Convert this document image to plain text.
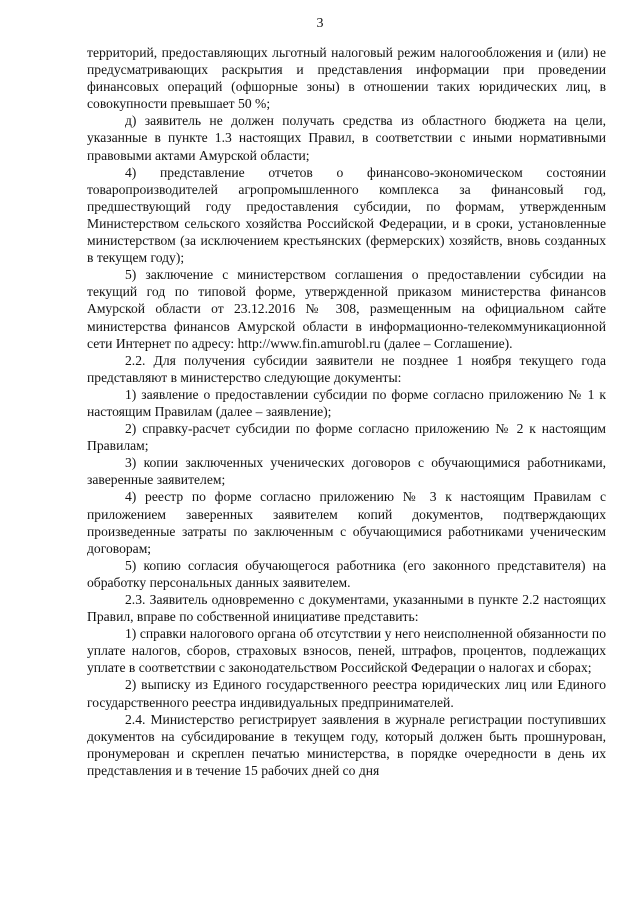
3

территорий, предоставляющих льготный налоговый режим налогообложения и (или) не предусматривающих раскрытия и представления информации при проведении финансовых операций (офшорные зоны) в отношении таких юридических лиц, в совокупности превышает 50 %;

д) заявитель не должен получать средства из областного бюджета на цели, указанные в пункте 1.3 настоящих Правил, в соответствии с иными нормативными правовыми актами Амурской области;

4) представление отчетов о финансово-экономическом состоянии товаропроизводителей агропромышленного комплекса за финансовый год, предшествующий году предоставления субсидии, по формам, утвержденным Министерством сельского хозяйства Российской Федерации, и в сроки, установленные министерством (за исключением крестьянских (фермерских) хозяйств, вновь созданных в текущем году);

5) заключение с министерством соглашения о предоставлении субсидии на текущий год по типовой форме, утвержденной приказом министерства финансов Амурской области от 23.12.2016 № 308, размещенным на официальном сайте министерства финансов Амурской области в информационно-телекоммуникационной сети Интернет по адресу: http://www.fin.amurobl.ru (далее – Соглашение).

2.2. Для получения субсидии заявители не позднее 1 ноября текущего года представляют в министерство следующие документы:

1) заявление о предоставлении субсидии по форме согласно приложению № 1 к настоящим Правилам (далее – заявление);

2) справку-расчет субсидии по форме согласно приложению № 2 к настоящим Правилам;

3) копии заключенных ученических договоров с обучающимися работниками, заверенные заявителем;

4) реестр по форме согласно приложению № 3 к настоящим Правилам с приложением заверенных заявителем копий документов, подтверждающих произведенные затраты по заключенным с обучающимися работниками ученическим договорам;

5) копию согласия обучающегося работника (его законного представителя) на обработку персональных данных заявителем.

2.3. Заявитель одновременно с документами, указанными в пункте 2.2 настоящих Правил, вправе по собственной инициативе представить:

1) справки налогового органа об отсутствии у него неисполненной обязанности по уплате налогов, сборов, страховых взносов, пеней, штрафов, процентов, подлежащих уплате в соответствии с законодательством Российской Федерации о налогах и сборах;

2) выписку из Единого государственного реестра юридических лиц или Единого государственного реестра индивидуальных предпринимателей.

2.4. Министерство регистрирует заявления в журнале регистрации поступивших документов на субсидирование в текущем году, который должен быть прошнурован, пронумерован и скреплен печатью министерства, в порядке очередности в день их представления и в течение 15 рабочих дней со дня
